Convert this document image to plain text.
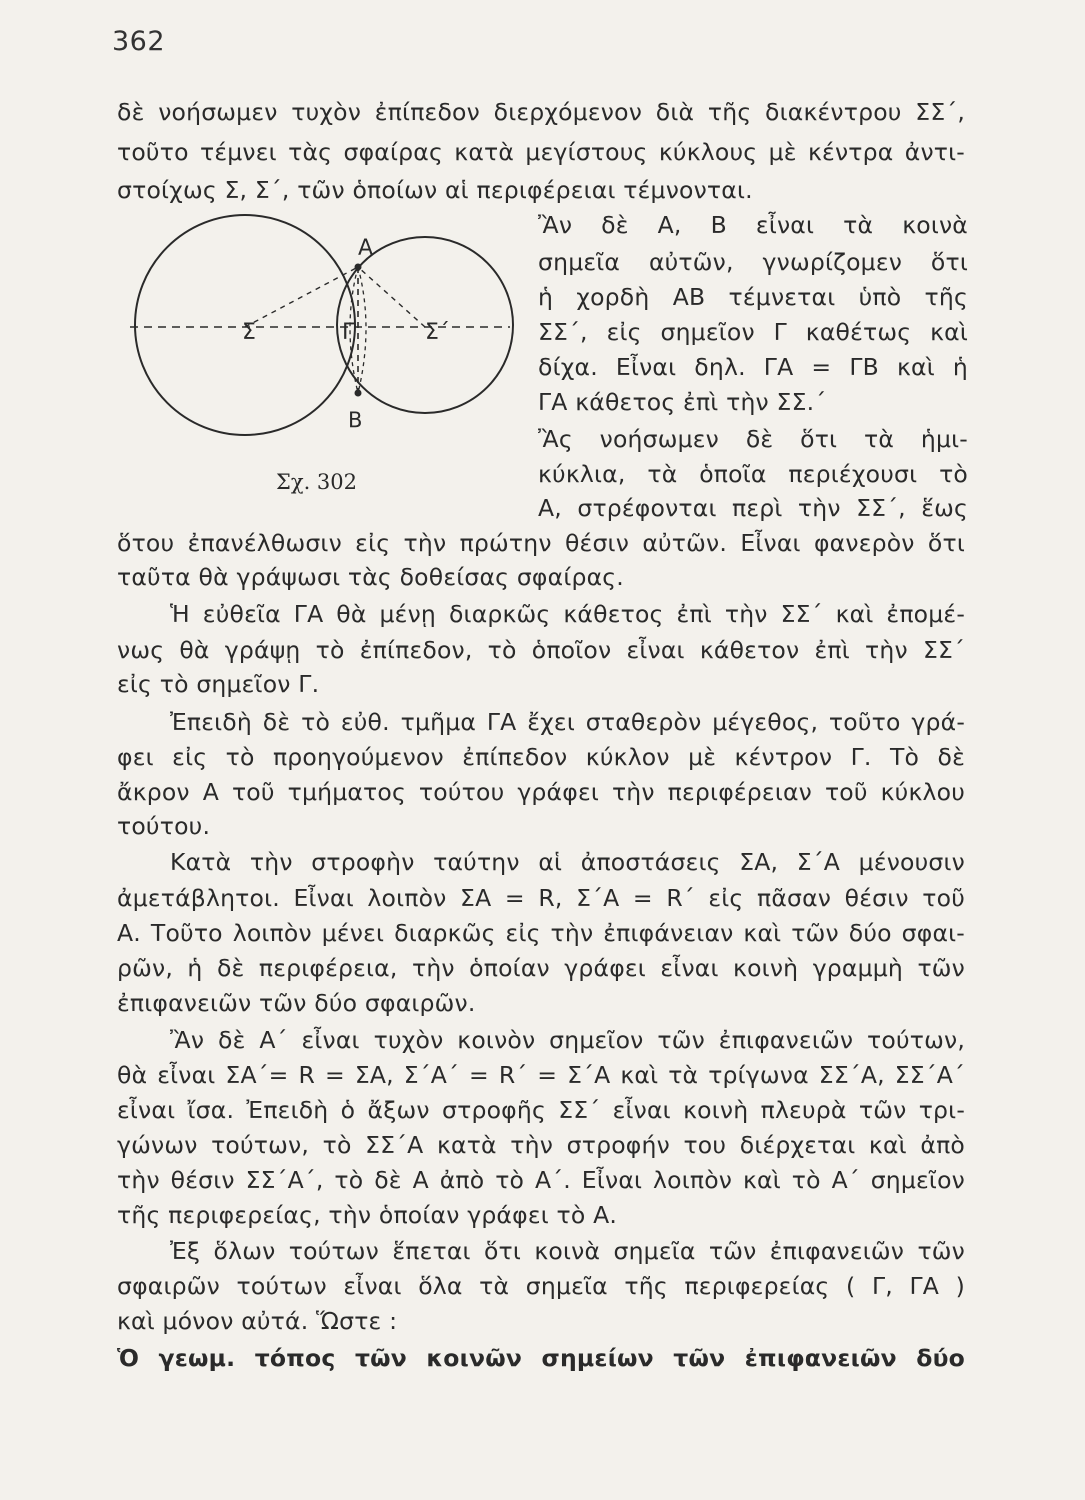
362
δὲ νοήσωμεν τυχὸν ἐπίπεδον διερχόμενον διὰ τῆς διακέντρου ΣΣ΄,
τοῦτο τέμνει τὰς σφαίρας κατὰ μεγίστους κύκλους μὲ κέντρα ἀντι-
στοίχως Σ, Σ΄, τῶν ὁποίων αἱ περιφέρειαι τέμνονται.
Α
Β
Σ	Σ΄
Γ
Σχ. 302
Ἂν δὲ Α, Β εἶναι τὰ κοινὰ
σημεῖα αὐτῶν, γνωρίζομεν ὅτι
ἡ χορδὴ ΑΒ τέμνεται ὑπὸ τῆς
ΣΣ΄, εἰς σημεῖον Γ καθέτως καὶ
δίχα. Εἶναι δηλ. ΓΑ = ΓΒ καὶ ἡ
ΓΑ κάθετος ἐπὶ τὴν ΣΣ.΄
Ἂς νοήσωμεν δὲ ὅτι τὰ ἡμι-
κύκλια, τὰ ὁποῖα περιέχουσι τὸ
Α, στρέφονται περὶ τὴν ΣΣ΄, ἕως
ὅτου ἐπανέλθωσιν εἰς τὴν πρώτην θέσιν αὐτῶν. Εἶναι φανερὸν ὅτι
ταῦτα θὰ γράψωσι τὰς δοθείσας σφαίρας.
Ἡ εὐθεῖα ΓΑ θὰ μένῃ διαρκῶς κάθετος ἐπὶ τὴν ΣΣ΄ καὶ ἐπομέ-
νως θὰ γράψῃ τὸ ἐπίπεδον, τὸ ὁποῖον εἶναι κάθετον ἐπὶ τὴν ΣΣ΄
εἰς τὸ σημεῖον Γ.
Ἐπειδὴ δὲ τὸ εὐθ. τμῆμα ΓΑ ἔχει σταθερὸν μέγεθος, τοῦτο γρά-
φει εἰς τὸ προηγούμενον ἐπίπεδον κύκλον μὲ κέντρον Γ. Τὸ δὲ
ἄκρον Α τοῦ τμήματος τούτου γράφει τὴν περιφέρειαν τοῦ κύκλου
τούτου.
Κατὰ τὴν στροφὴν ταύτην αἱ ἀποστάσεις ΣΑ, Σ΄Α μένουσιν
ἀμετάβλητοι. Εἶναι λοιπὸν ΣΑ = R, Σ΄Α = R΄ εἰς πᾶσαν θέσιν τοῦ
Α. Τοῦτο λοιπὸν μένει διαρκῶς εἰς τὴν ἐπιφάνειαν καὶ τῶν δύο σφαι-
ρῶν, ἡ δὲ περιφέρεια, τὴν ὁποίαν γράφει εἶναι κοινὴ γραμμὴ τῶν
ἐπιφανειῶν τῶν δύο σφαιρῶν.
Ἂν δὲ Α΄ εἶναι τυχὸν κοινὸν σημεῖον τῶν ἐπιφανειῶν τούτων,
θὰ εἶναι ΣΑ΄= R = ΣΑ, Σ΄Α΄ = R΄ = Σ΄Α καὶ τὰ τρίγωνα ΣΣ΄Α, ΣΣ΄Α΄
εἶναι ἴσα. Ἐπειδὴ ὁ ἄξων στροφῆς ΣΣ΄ εἶναι κοινὴ πλευρὰ τῶν τρι-
γώνων τούτων, τὸ ΣΣ΄Α κατὰ τὴν στροφήν του διέρχεται καὶ ἀπὸ
τὴν θέσιν ΣΣ΄Α΄, τὸ δὲ Α ἀπὸ τὸ Α΄. Εἶναι λοιπὸν καὶ τὸ Α΄ σημεῖον
τῆς περιφερείας, τὴν ὁποίαν γράφει τὸ Α.
Ἐξ ὅλων τούτων ἕπεται ὅτι κοινὰ σημεῖα τῶν ἐπιφανειῶν τῶν
σφαιρῶν τούτων εἶναι ὅλα τὰ σημεῖα τῆς περιφερείας ( Γ, ΓΑ )
καὶ μόνον αὐτά. Ὥστε :
Ὁ γεωμ. τόπος τῶν κοινῶν σημείων τῶν ἐπιφανειῶν δύο
